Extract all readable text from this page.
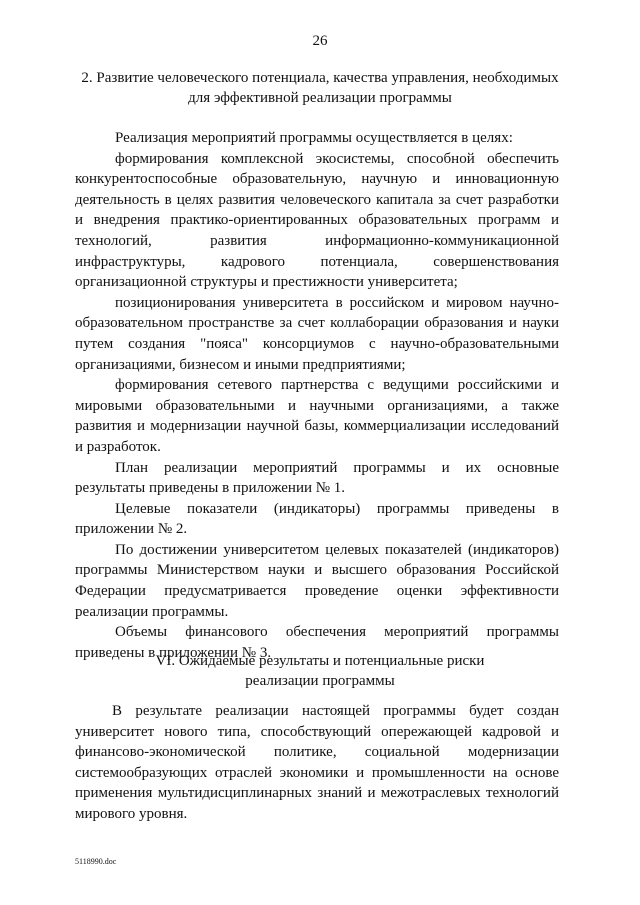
26
2. Развитие человеческого потенциала, качества управления, необходимых
для эффективной реализации программы

Реализация мероприятий программы осуществляется в целях:

формирования комплексной экосистемы, способной обеспечить конкурентоспособные образовательную, научную и инновационную деятельность в целях развития человеческого капитала за счет разработки и внедрения практико-ориентированных образовательных программ и технологий, развития информационно-коммуникационной инфраструктуры, кадрового потенциала, совершенствования организационной структуры и престижности университета;

позиционирования университета в российском и мировом научно-образовательном пространстве за счет коллаборации образования и науки путем создания "пояса" консорциумов с научно-образовательными организациями, бизнесом и иными предприятиями;

формирования сетевого партнерства с ведущими российскими и мировыми образовательными и научными организациями, а также развития и модернизации научной базы, коммерциализации исследований и разработок.

План реализации мероприятий программы и их основные результаты приведены в приложении № 1.

Целевые показатели (индикаторы) программы приведены в приложении № 2.

По достижении университетом целевых показателей (индикаторов) программы Министерством науки и высшего образования Российской Федерации предусматривается проведение оценки эффективности реализации программы.

Объемы финансового обеспечения мероприятий программы приведены в приложении № 3.

VI. Ожидаемые результаты и потенциальные риски
реализации программы

В результате реализации настоящей программы будет создан университет нового типа, способствующий опережающей кадровой и финансово-экономической политике, социальной модернизации системообразующих отраслей экономики и промышленности на основе применения мультидисциплинарных знаний и межотраслевых технологий мирового уровня.

5118990.doc
